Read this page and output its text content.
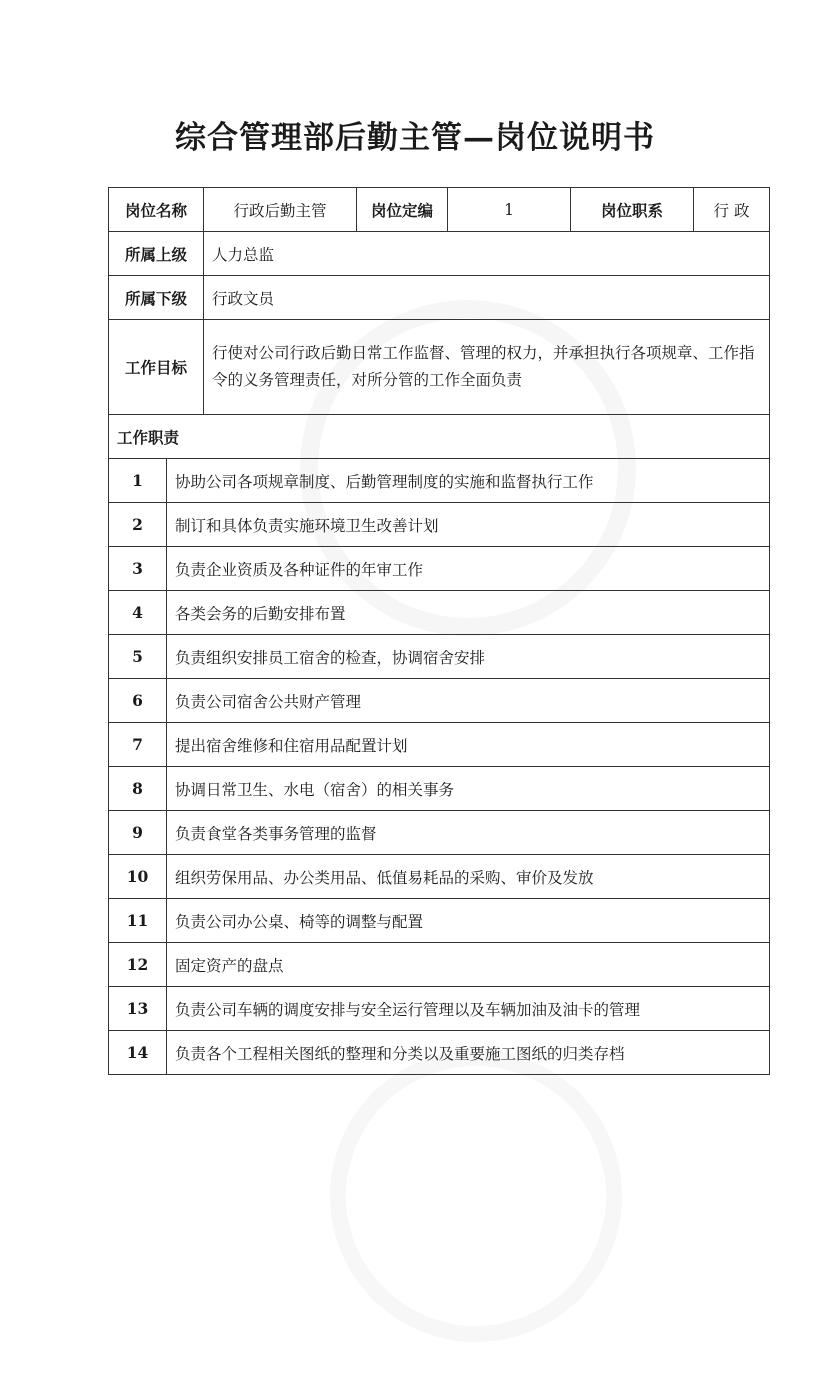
综合管理部后勤主管—岗位说明书
岗位名称		行政后勤主管	岗位定编	1	岗位职系	行 政
所属上级		人力总监				
所属下级		行政文员				
工作目标		行使对公司行政后勤日常工作监督、管理的权力，并承担执行各项规章、工作指令的义务管理责任，对所分管的工作全面负责				
工作职责						
1	协助公司各项规章制度、后勤管理制度的实施和监督执行工作					
2	制订和具体负责实施环境卫生改善计划					
3	负责企业资质及各种证件的年审工作					
4	各类会务的后勤安排布置					
5	负责组织安排员工宿舍的检查，协调宿舍安排					
6	负责公司宿舍公共财产管理					
7	提出宿舍维修和住宿用品配置计划					
8	协调日常卫生、水电（宿舍）的相关事务					
9	负责食堂各类事务管理的监督					
10	组织劳保用品、办公类用品、低值易耗品的采购、审价及发放					
11	负责公司办公桌、椅等的调整与配置					
12	固定资产的盘点					
13	负责公司车辆的调度安排与安全运行管理以及车辆加油及油卡的管理					
14	负责各个工程相关图纸的整理和分类以及重要施工图纸的归类存档					
